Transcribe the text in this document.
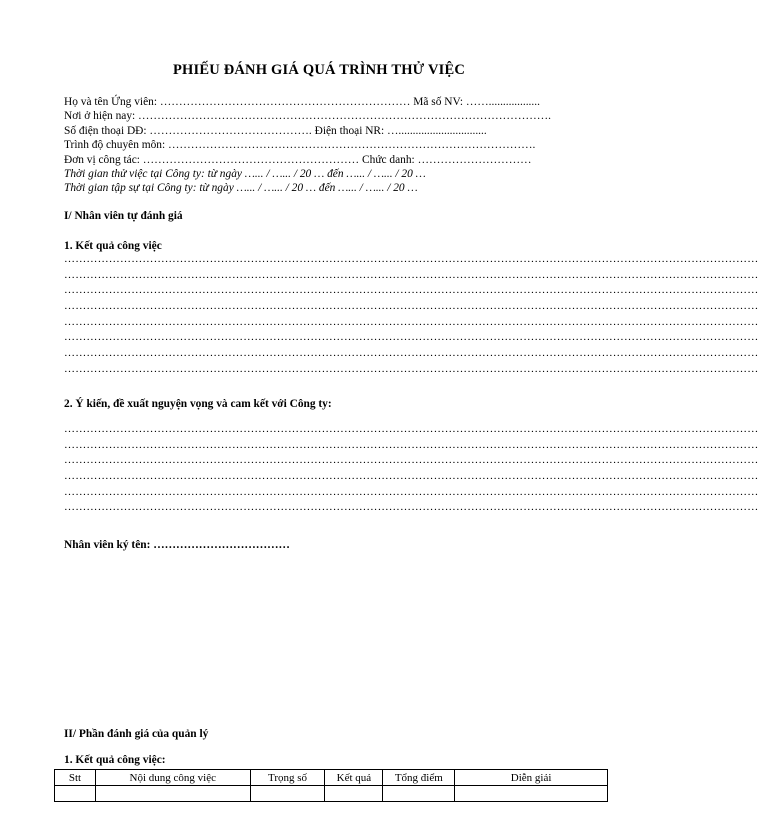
PHIẾU ĐÁNH GIÁ QUÁ TRÌNH THỬ VIỆC
Họ và tên Ứng viên: ………………………………………………………… Mã số NV: ……..................
Nơi ở hiện nay: ……………………………………………………………………………………………….
Số điện thoại DĐ: ……………………………………. Điện thoại NR: …...............................
Trình độ chuyên môn: …………………………………………………………………………………….
Đơn vị công tác: ………………………………………………… Chức danh: …………………………
Thời gian thử việc tại Công ty: từ ngày …... / …... / 20 … đến …... / …... / 20 …
Thời gian tập sự tại Công ty: từ ngày …... / …... / 20 … đến …... / …... / 20 …
I/ Nhân viên tự đánh giá
1. Kết quả công việc
……………………………………………………………………………………………………………………………………………………………………
……………………………………………………………………………………………………………………………………………………………………
……………………………………………………………………………………………………………………………………………………………………
……………………………………………………………………………………………………………………………………………………………………
……………………………………………………………………………………………………………………………………………………………………
……………………………………………………………………………………………………………………………………………………………………
……………………………………………………………………………………………………………………………………………………………………
……………………………………………………………………………………………………………………………………………………………………
2. Ý kiến, đề xuất nguyện vọng và cam kết với Công ty:
……………………………………………………………………………………………………………………………………………………………………
……………………………………………………………………………………………………………………………………………………………………
……………………………………………………………………………………………………………………………………………………………………
……………………………………………………………………………………………………………………………………………………………………
……………………………………………………………………………………………………………………………………………………………………
……………………………………………………………………………………………………………………………………………………………………
Nhân viên ký tên: ………………………………
II/ Phần đánh giá của quản lý
1. Kết quả công việc:
Stt	Nội dung công việc	Trọng số	Kết quả	Tổng điểm	Diễn giải
